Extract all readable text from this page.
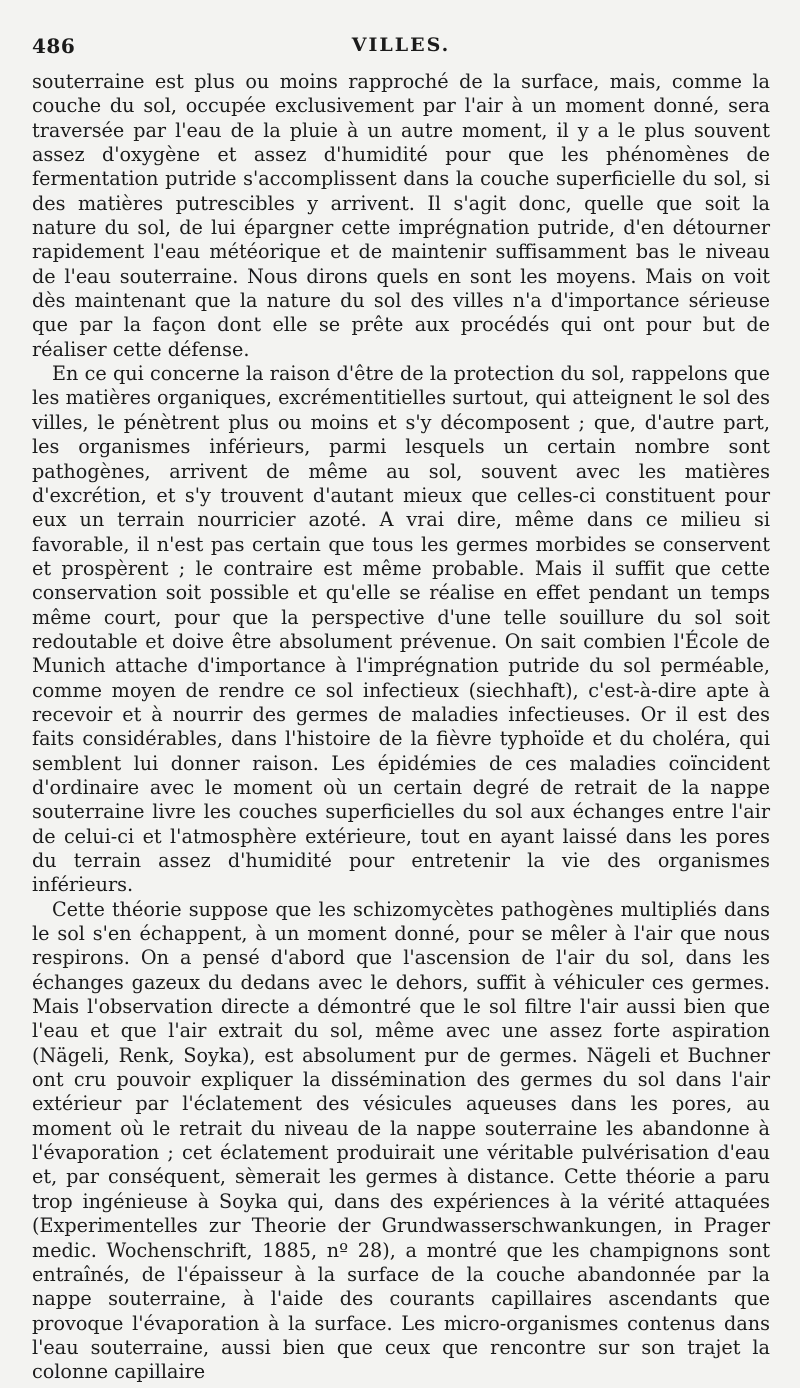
486	VILLES.

souterraine est plus ou moins rapproché de la surface, mais, comme la couche du sol, occupée exclusivement par l'air à un moment donné, sera traversée par l'eau de la pluie à un autre moment, il y a le plus souvent assez d'oxygène et assez d'humidité pour que les phénomènes de fermentation putride s'accomplissent dans la couche superficielle du sol, si des matières putrescibles y arrivent. Il s'agit donc, quelle que soit la nature du sol, de lui épargner cette imprégnation putride, d'en détourner rapidement l'eau météorique et de maintenir suffisamment bas le niveau de l'eau souterraine. Nous dirons quels en sont les moyens. Mais on voit dès maintenant que la nature du sol des villes n'a d'importance sérieuse que par la façon dont elle se prête aux procédés qui ont pour but de réaliser cette défense.

En ce qui concerne la raison d'être de la protection du sol, rappelons que les matières organiques, excrémentitielles surtout, qui atteignent le sol des villes, le pénètrent plus ou moins et s'y décomposent ; que, d'autre part, les organismes inférieurs, parmi lesquels un certain nombre sont pathogènes, arrivent de même au sol, souvent avec les matières d'excrétion, et s'y trouvent d'autant mieux que celles-ci constituent pour eux un terrain nourricier azoté. A vrai dire, même dans ce milieu si favorable, il n'est pas certain que tous les germes morbides se conservent et prospèrent ; le contraire est même probable. Mais il suffit que cette conservation soit possible et qu'elle se réalise en effet pendant un temps même court, pour que la perspective d'une telle souillure du sol soit redoutable et doive être absolument prévenue. On sait combien l'École de Munich attache d'importance à l'imprégnation putride du sol perméable, comme moyen de rendre ce sol infectieux (siechhaft), c'est-à-dire apte à recevoir et à nourrir des germes de maladies infectieuses. Or il est des faits considérables, dans l'histoire de la fièvre typhoïde et du choléra, qui semblent lui donner raison. Les épidémies de ces maladies coïncident d'ordinaire avec le moment où un certain degré de retrait de la nappe souterraine livre les couches superficielles du sol aux échanges entre l'air de celui-ci et l'atmosphère extérieure, tout en ayant laissé dans les pores du terrain assez d'humidité pour entretenir la vie des organismes inférieurs.

Cette théorie suppose que les schizomycètes pathogènes multipliés dans le sol s'en échappent, à un moment donné, pour se mêler à l'air que nous respirons. On a pensé d'abord que l'ascension de l'air du sol, dans les échanges gazeux du dedans avec le dehors, suffit à véhiculer ces germes. Mais l'observation directe a démontré que le sol filtre l'air aussi bien que l'eau et que l'air extrait du sol, même avec une assez forte aspiration (Nägeli, Renk, Soyka), est absolument pur de germes. Nägeli et Buchner ont cru pouvoir expliquer la dissémination des germes du sol dans l'air extérieur par l'éclatement des vésicules aqueuses dans les pores, au moment où le retrait du niveau de la nappe souterraine les abandonne à l'évaporation ; cet éclatement produirait une véritable pulvérisation d'eau et, par conséquent, sèmerait les germes à distance. Cette théorie a paru trop ingénieuse à Soyka qui, dans des expériences à la vérité attaquées (Experimentelles zur Theorie der Grundwasserschwankungen, in Prager medic. Wochenschrift, 1885, nº 28), a montré que les champignons sont entraînés, de l'épaisseur à la surface de la couche abandonnée par la nappe souterraine, à l'aide des courants capillaires ascendants que provoque l'évaporation à la surface. Les micro-organismes contenus dans l'eau souterraine, aussi bien que ceux que rencontre sur son trajet la colonne capillaire
